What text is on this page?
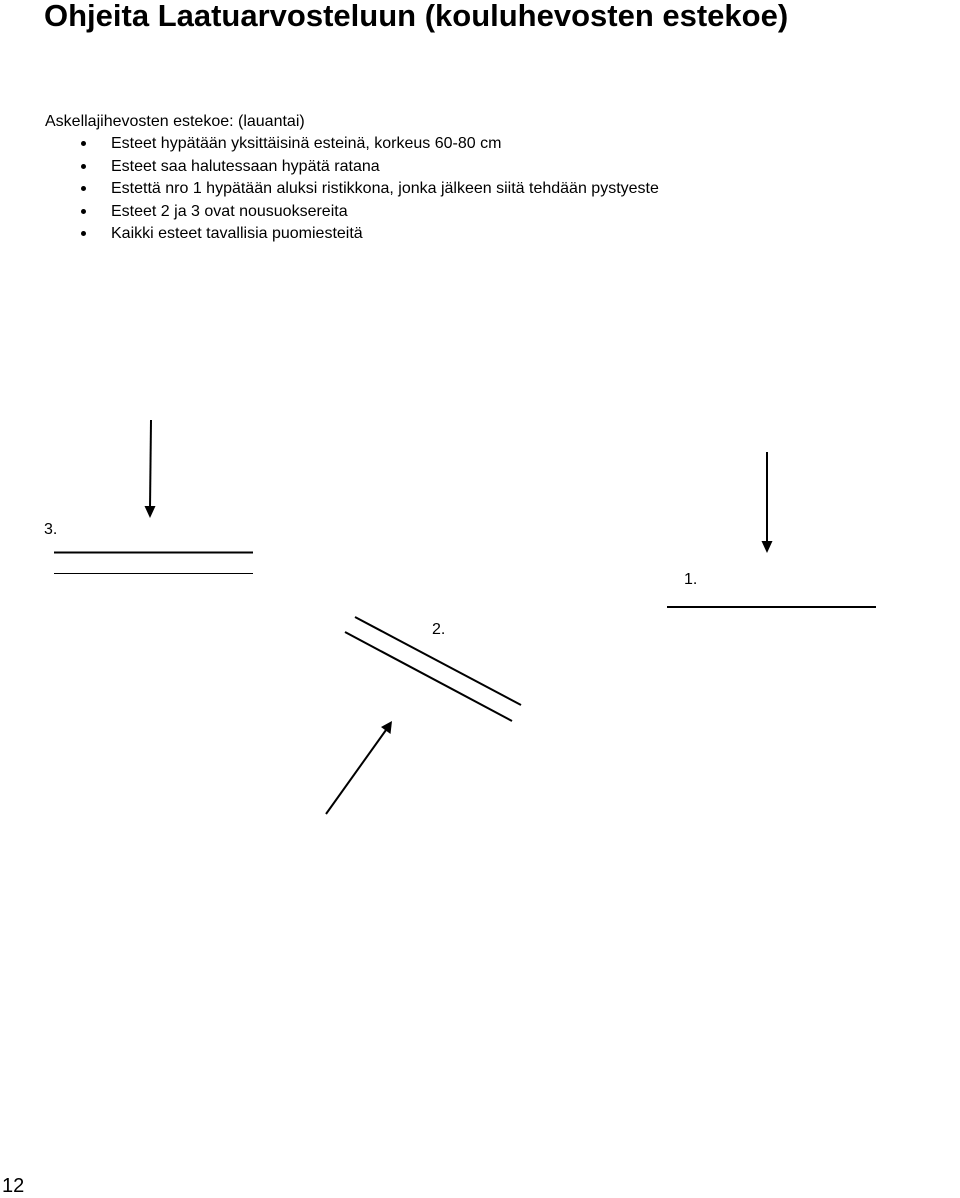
Ohjeita Laatuarvosteluun (kouluhevosten estekoe)

Askellajihevosten estekoe: (lauantai)

Esteet hypätään yksittäisinä esteinä, korkeus 60-80 cm
Esteet saa halutessaan hypätä ratana
Estettä nro 1 hypätään aluksi ristikkona, jonka jälkeen siitä tehdään pystyeste
Esteet 2 ja 3 ovat nousuoksereita
Kaikki esteet tavallisia puomiesteitä
3.
2.
1.
12
